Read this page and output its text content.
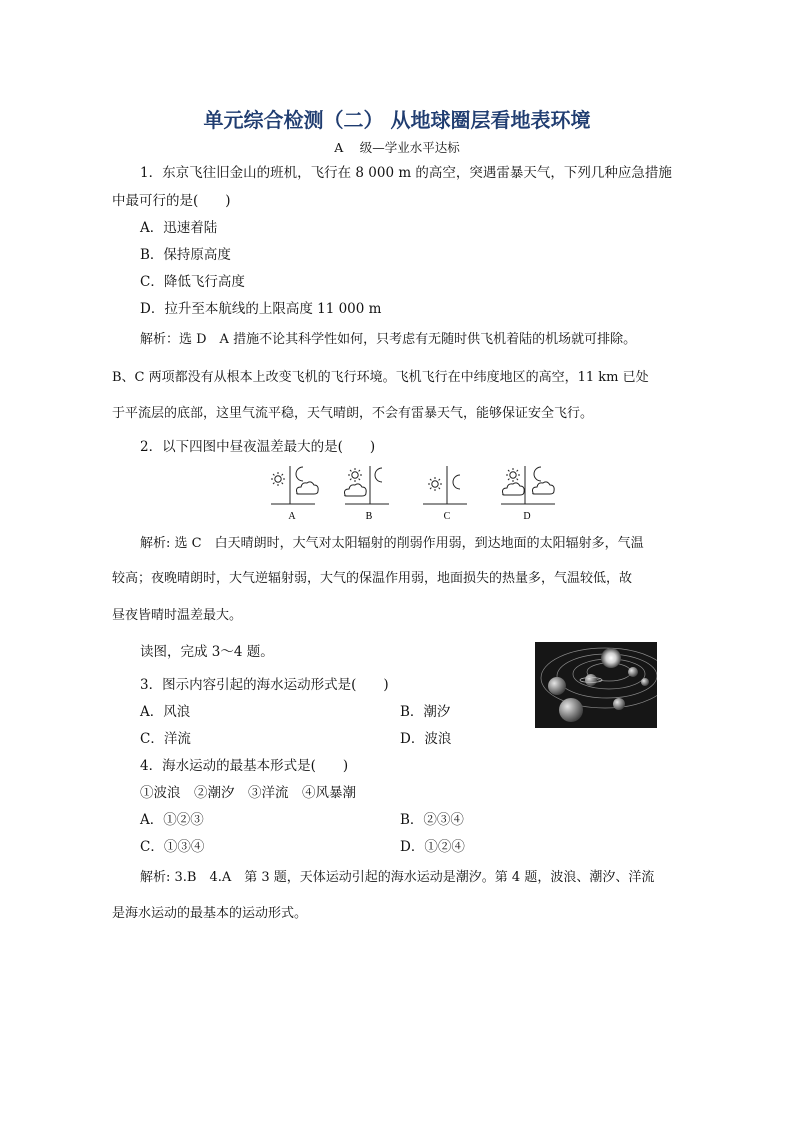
单元综合检测（二） 从地球圈层看地表环境
A　 级—学业水平达标
1．东京飞往旧金山的班机，飞行在 8 000 m 的高空，突遇雷暴天气，下列几种应急措施
中最可行的是(　　)
A．迅速着陆
B．保持原高度
C．降低飞行高度
D．拉升至本航线的上限高度 11 000 m
解析：选 D　A 措施不论其科学性如何，只考虑有无随时供飞机着陆的机场就可排除。
B、C 两项都没有从根本上改变飞机的飞行环境。飞机飞行在中纬度地区的高空，11 km 已处
于平流层的底部，这里气流平稳，天气晴朗，不会有雷暴天气，能够保证安全飞行。
2．以下四图中昼夜温差最大的是(　　)
A	B	C	D
解析: 选 C　白天晴朗时，大气对太阳辐射的削弱作用弱，到达地面的太阳辐射多，气温
较高；夜晚晴朗时，大气逆辐射弱，大气的保温作用弱，地面损失的热量多，气温较低，故
昼夜皆晴时温差最大。
读图，完成 3～4 题。
3．图示内容引起的海水运动形式是(　　)
A．风浪	B．潮汐
C．洋流	D．波浪
4．海水运动的最基本形式是(　　)
①波浪　②潮汐　③洋流　④风暴潮
A．①②③	B．②③④
C．①③④	D．①②④
解析: 3.B　4.A　第 3 题，天体运动引起的海水运动是潮汐。第 4 题，波浪、潮汐、洋流
是海水运动的最基本的运动形式。
